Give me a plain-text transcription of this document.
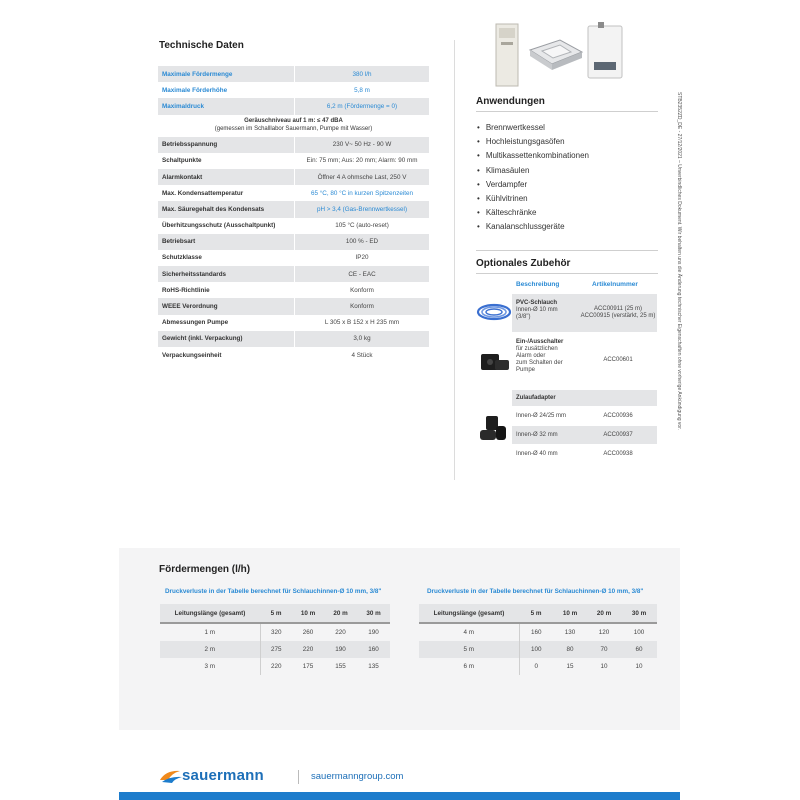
Technische Daten
Maximale Fördermenge	380 l/h
Maximale Förderhöhe	5,8 m
Maximaldruck	6,2 m (Fördermenge = 0)
Geräuschniveau auf 1 m: ≤ 47 dBA
(gemessen im Schalllabor Sauermann, Pumpe mit Wasser)	
Betriebsspannung	230 V~ 50 Hz - 90 W
Schaltpunkte	Ein: 75 mm; Aus: 20 mm; Alarm: 90 mm
Alarmkontakt	Öffner 4 A ohmsche Last, 250 V
Max. Kondensattemperatur	65 °C, 80 °C in kurzen Spitzenzeiten
Max. Säuregehalt des Kondensats	pH > 3,4 (Gas-Brennwertkessel)
Überhitzungsschutz (Ausschaltpunkt)	105 °C (auto-reset)
Betriebsart	100 % - ED
Schutzklasse	IP20
Sicherheitsstandards	CE - EAC
RoHS-Richtlinie	Konform
WEEE Verordnung	Konform
Abmessungen Pumpe	L 305 x B 152 x H 235 mm
Gewicht (inkl. Verpackung)	3,0 kg
Verpackungseinheit	4 Stück
Anwendungen
• Brennwertkessel
• Hochleistungsgasöfen
• Multikassettenkombinationen
• Klimasäulen
• Verdampfer
• Kühlvitrinen
• Kälteschränke
• Kanalanschlussgeräte
Optionales Zubehör
Beschreibung	Artikelnummer
PVC-Schlauch
Innen-Ø 10 mm
(3/8")
ACC00911 (25 m)
ACC00915 (verstärkt, 25 m)
Ein-/Ausschalter
für zusätzlichen
Alarm oder
zum Schalten der
Pumpe
ACC00601
Zulaufadapter
Innen-Ø 24/25 mm	ACC00936
Innen-Ø 32 mm	ACC00937
Innen-Ø 40 mm	ACC00938
STB2352ZD_DE - 27/12/2021 – Unverbindliches Dokument. Wir behalten uns die Änderung technischer Eigenschaften ohne vorherige Ankündigung vor.
Fördermengen (l/h)
Druckverluste in der Tabelle berechnet für Schlauchinnen-Ø 10 mm, 3/8"	Druckverluste in der Tabelle berechnet für Schlauchinnen-Ø 10 mm, 3/8"
Leitungslänge (gesamt)	5 m	10 m	20 m	30 m
1 m	320	260	220	190
2 m	275	220	190	160
3 m	220	175	155	135
Leitungslänge (gesamt)	5 m	10 m	20 m	30 m
4 m	160	130	120	100
5 m	100	80	70	60
6 m	0	15	10	10
sauermann	sauermanngroup.com
